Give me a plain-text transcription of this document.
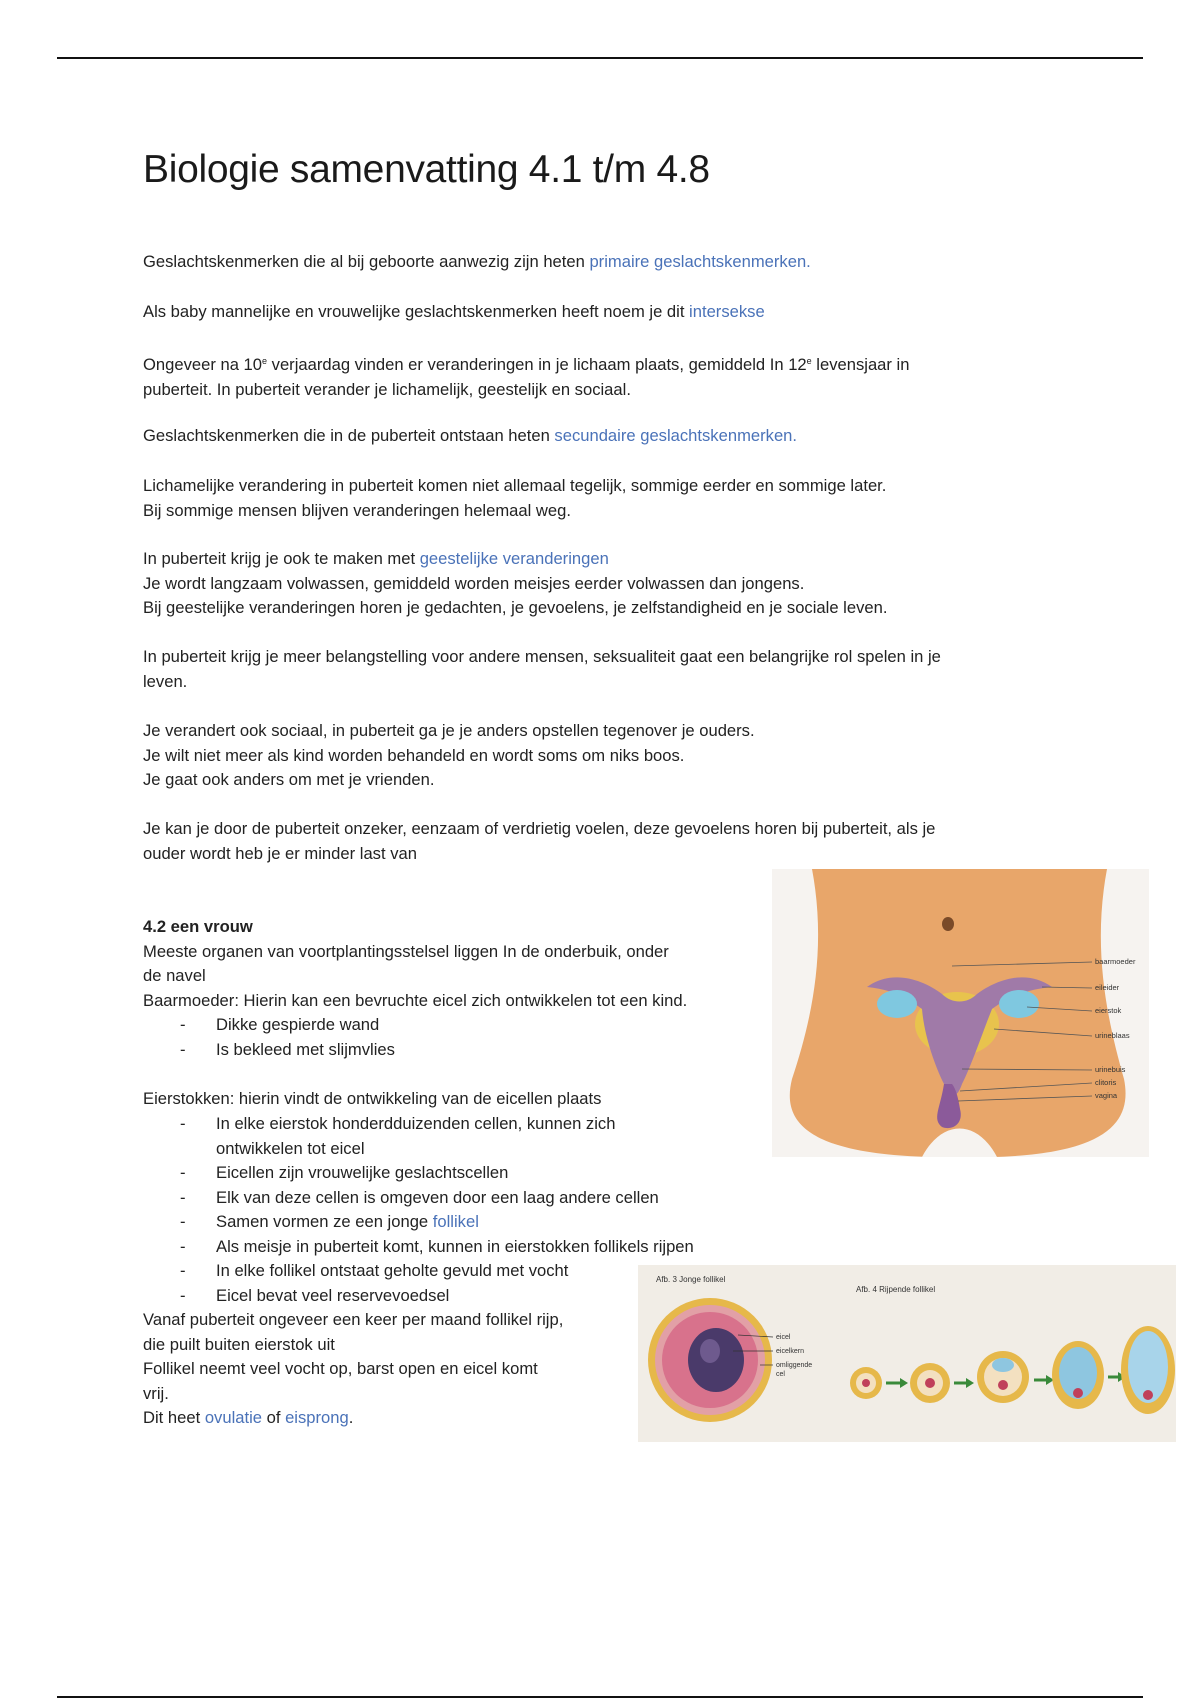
Biologie samenvatting 4.1 t/m 4.8

Geslachtskenmerken die al bij geboorte aanwezig zijn heten primaire geslachtskenmerken.

Als baby mannelijke en vrouwelijke geslachtskenmerken heeft noem je dit intersekse

Ongeveer na 10e verjaardag vinden er veranderingen in je lichaam plaats, gemiddeld In 12e levensjaar in
puberteit. In puberteit verander je lichamelijk, geestelijk en sociaal.

Geslachtskenmerken die in de puberteit ontstaan heten secundaire geslachtskenmerken.

Lichamelijke verandering in puberteit komen niet allemaal tegelijk, sommige eerder en sommige later.
Bij sommige mensen blijven veranderingen helemaal weg.

In puberteit krijg je ook te maken met geestelijke veranderingen
Je wordt langzaam volwassen, gemiddeld worden meisjes eerder volwassen dan jongens.
Bij geestelijke veranderingen horen je gedachten, je gevoelens, je zelfstandigheid en je sociale leven.

In puberteit krijg je meer belangstelling voor andere mensen, seksualiteit gaat een belangrijke rol spelen in je
leven.

Je verandert ook sociaal, in puberteit ga je je anders opstellen tegenover je ouders.
Je wilt niet meer als kind worden behandeld en wordt soms om niks boos.
Je gaat ook anders om met je vrienden.

Je kan je door de puberteit onzeker, eenzaam of verdrietig voelen, deze gevoelens horen bij puberteit, als je
ouder wordt heb je er minder last van

4.2 een vrouw
Meeste organen van voortplantingsstelsel liggen In de onderbuik, onder
de navel
Baarmoeder: Hierin kan een bevruchte eicel zich ontwikkelen tot een kind.

- Dikke gespierde wand
- Is bekleed met slijmvlies

Eierstokken: hierin vindt de ontwikkeling van de eicellen plaats

- In elke eierstok honderdduizenden cellen, kunnen zich
ontwikkelen tot eicel
- Eicellen zijn vrouwelijke geslachtscellen
- Elk van deze cellen is omgeven door een laag andere cellen
- Samen vormen ze een jonge follikel
- Als meisje in puberteit komt, kunnen in eierstokken follikels rijpen
- In elke follikel ontstaat geholte gevuld met vocht
- Eicel bevat veel reservevoedsel

Vanaf puberteit ongeveer een keer per maand follikel rijp,
die puilt buiten eierstok uit
Follikel neemt veel vocht op, barst open en eicel komt
vrij.
Dit heet ovulatie of eisprong.

baarmoeder
eileider
eierstok
urineblaas
urinebuis
clitoris
vagina
Afb. 3 Jonge follikel
Afb. 4 Rijpende follikel
eicel
eicelkern
omliggende
cel
